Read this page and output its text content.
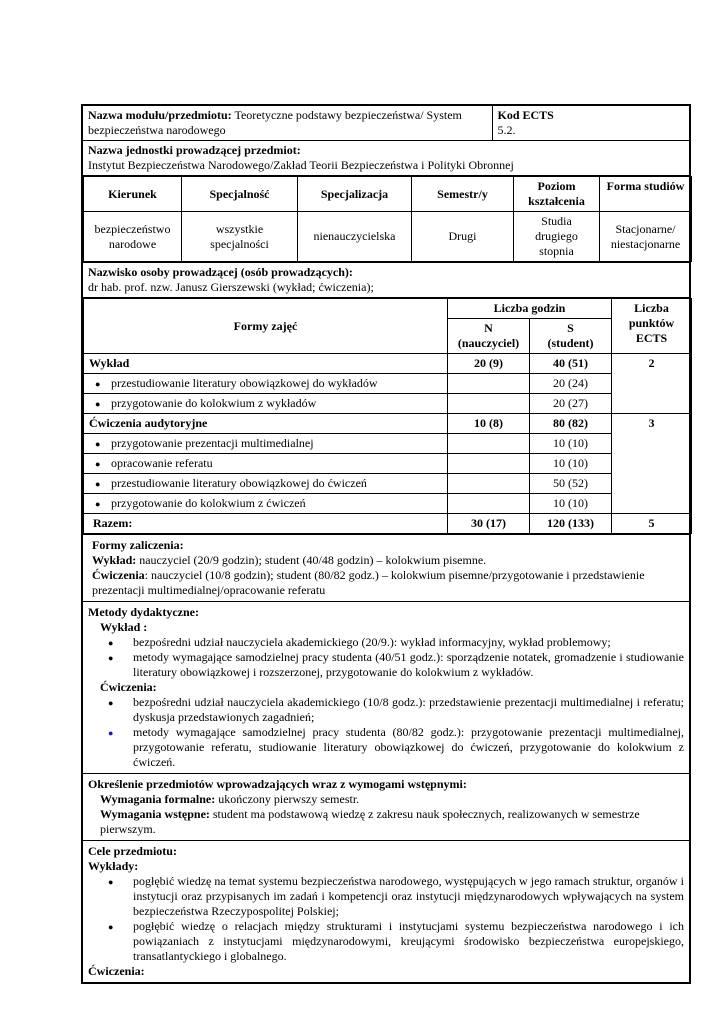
Nazwa modułu/przedmiotu: Teoretyczne podstawy bezpieczeństwa/ System bezpieczeństwa narodowego	
Kod ECTS
5.2.

Nazwa jednostki prowadzącej przedmiot:
Instytut Bezpieczeństwa Narodowego/Zakład Teorii Bezpieczeństwa i Polityki Obronnej

Kierunek	Specjalność	Specjalizacja	Semestr/y	Poziom kształcenia	Forma studiów
bezpieczeństwo narodowe	wszystkie specjalności	nienauczycielska	Drugi	Studia drugiego stopnia	Stacjonarne/ niestacjonarne

Nazwisko osoby prowadzącej (osób prowadzących):
dr hab. prof. nzw. Janusz Gierszewski (wykład; ćwiczenia);

Formy zajęć	Liczba godzin	Liczba punktów ECTS

N
(nauczyciel)

S
(student)

Wykład	20 (9)	40 (51)	2

● przestudiowanie literatury obowiązkowej do wykładów		20 (24)

● przygotowanie do kolokwium z wykładów		20 (27)
Ćwiczenia audytoryjne	10 (8)	80 (82)	3

● przygotowanie prezentacji multimedialnej		10 (10)

● opracowanie referatu		10 (10)

● przestudiowanie literatury obowiązkowej do ćwiczeń		50 (52)

● przygotowanie do kolokwium z ćwiczeń		10 (10)
Razem:	30 (17)	120 (133)	5

Formy zaliczenia:
Wykład: nauczyciel (20/9 godzin); student (40/48 godzin) – kolokwium pisemne.
Ćwiczenia: nauczyciel (10/8 godzin); student (80/82 godz.) – kolokwium pisemne/przygotowanie i przedstawienie prezentacji multimedialnej/opracowanie referatu

Metody dydaktyczne:
Wykład :
● bezpośredni udział nauczyciela akademickiego (20/9.): wykład informacyjny, wykład problemowy;
● metody wymagające samodzielnej pracy studenta (40/51 godz.): sporządzenie notatek, gromadzenie i studiowanie literatury obowiązkowej i rozszerzonej, przygotowanie do kolokwium z wykładów.
Ćwiczenia:
● bezpośredni udział nauczyciela akademickiego (10/8 godz.): przedstawienie prezentacji multimedialnej i referatu; dyskusja przedstawionych zagadnień;
● metody wymagające samodzielnej pracy studenta (80/82 godz.): przygotowanie prezentacji multimedialnej, przygotowanie referatu, studiowanie literatury obowiązkowej do ćwiczeń, przygotowanie do kolokwium z ćwiczeń.

Określenie przedmiotów wprowadzających wraz z wymogami wstępnymi:
Wymagania formalne: ukończony pierwszy semestr.
Wymagania wstępne: student ma podstawową wiedzę z zakresu nauk społecznych, realizowanych w semestrze pierwszym.

Cele przedmiotu:
Wykłady:
● pogłębić wiedzę na temat systemu bezpieczeństwa narodowego, występujących w jego ramach struktur, organów i instytucji oraz przypisanych im zadań i kompetencji oraz instytucji międzynarodowych wpływających na system bezpieczeństwa Rzeczypospolitej Polskiej;
● pogłębić wiedzę o relacjach między strukturami i instytucjami systemu bezpieczeństwa narodowego i ich powiązaniach z instytucjami międzynarodowymi, kreującymi środowisko bezpieczeństwa europejskiego, transatlantyckiego i globalnego.
Ćwiczenia:
